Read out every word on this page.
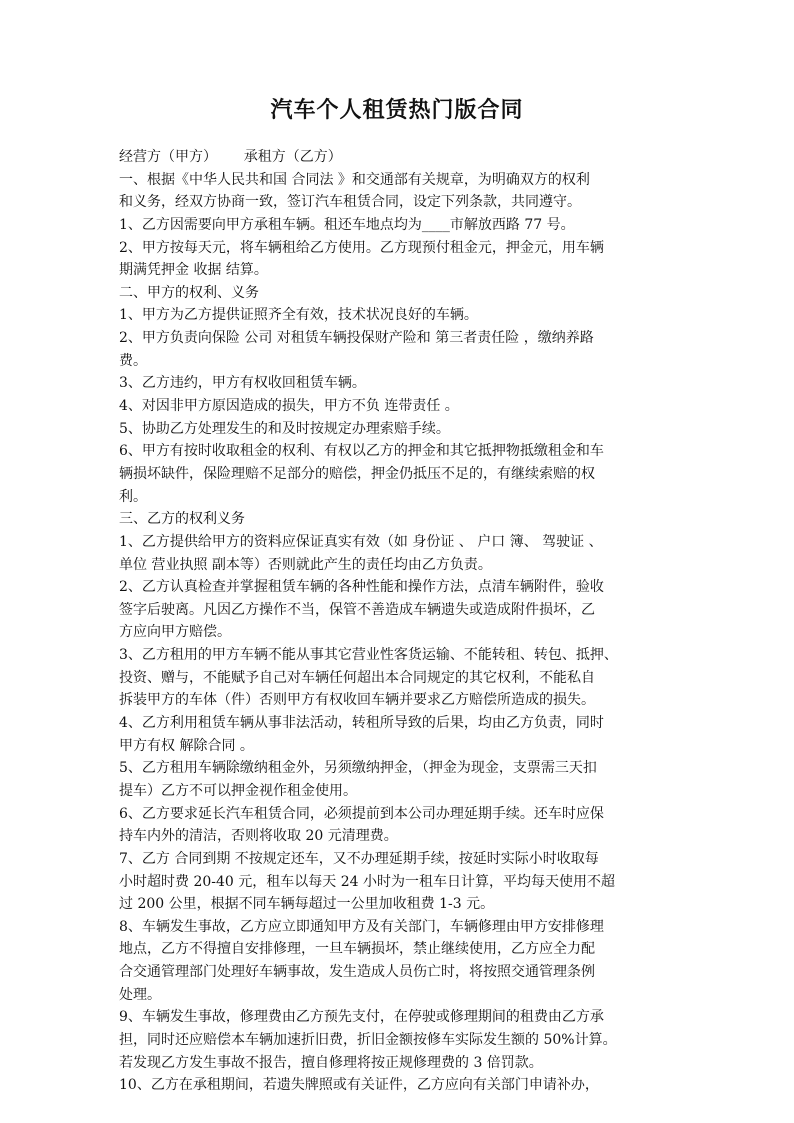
汽车个人租赁热门版合同
经营方（甲方）      承租方（乙方）
一、根据《中华人民共和国 合同法 》和交通部有关规章，为明确双方的权利
和义务，经双方协商一致，签订汽车租赁合同，设定下列条款，共同遵守。
1、乙方因需要向甲方承租车辆。租还车地点均为____市解放西路 77 号。
2、甲方按每天元，将车辆租给乙方使用。乙方现预付租金元，押金元，用车辆
期满凭押金 收据 结算。
二、甲方的权利、义务
1、甲方为乙方提供证照齐全有效，技术状况良好的车辆。
2、甲方负责向保险 公司 对租赁车辆投保财产险和 第三者责任险 ，缴纳养路
费。
3、乙方违约，甲方有权收回租赁车辆。
4、对因非甲方原因造成的损失，甲方不负 连带责任 。
5、协助乙方处理发生的和及时按规定办理索赔手续。
6、甲方有按时收取租金的权利、有权以乙方的押金和其它抵押物抵缴租金和车
辆损坏缺件，保险理赔不足部分的赔偿，押金仍抵压不足的，有继续索赔的权
利。
三、乙方的权利义务
1、乙方提供给甲方的资料应保证真实有效（如 身份证 、 户口 簿、 驾驶证 、
单位 营业执照 副本等）否则就此产生的责任均由乙方负责。
2、乙方认真检查并掌握租赁车辆的各种性能和操作方法，点清车辆附件，验收
签字后驶离。凡因乙方操作不当，保管不善造成车辆遗失或造成附件损坏，乙
方应向甲方赔偿。
3、乙方租用的甲方车辆不能从事其它营业性客货运输、不能转租、转包、抵押、
投资、赠与，不能赋予自己对车辆任何超出本合同规定的其它权利，不能私自
拆装甲方的车体（件）否则甲方有权收回车辆并要求乙方赔偿所造成的损失。
4、乙方利用租赁车辆从事非法活动，转租所导致的后果，均由乙方负责，同时
甲方有权 解除合同 。
5、乙方租用车辆除缴纳租金外，另须缴纳押金，（押金为现金，支票需三天扣
提车）乙方不可以押金视作租金使用。
6、乙方要求延长汽车租赁合同，必须提前到本公司办理延期手续。还车时应保
持车内外的清洁，否则将收取 20 元清理费。
7、乙方 合同到期 不按规定还车，又不办理延期手续，按延时实际小时收取每
小时超时费 20-40 元，租车以每天 24 小时为一租车日计算，平均每天使用不超
过 200 公里，根据不同车辆每超过一公里加收租费 1-3 元。
8、车辆发生事故，乙方应立即通知甲方及有关部门，车辆修理由甲方安排修理
地点，乙方不得擅自安排修理，一旦车辆损坏，禁止继续使用，乙方应全力配
合交通管理部门处理好车辆事故，发生造成人员伤亡时，将按照交通管理条例
处理。
9、车辆发生事故，修理费由乙方预先支付，在停驶或修理期间的租费由乙方承
担，同时还应赔偿本车辆加速折旧费，折旧金额按修车实际发生额的 50%计算。
若发现乙方发生事故不报告，擅自修理将按正规修理费的 3 倍罚款。
10、乙方在承租期间，若遗失牌照或有关证件，乙方应向有关部门申请补办，
